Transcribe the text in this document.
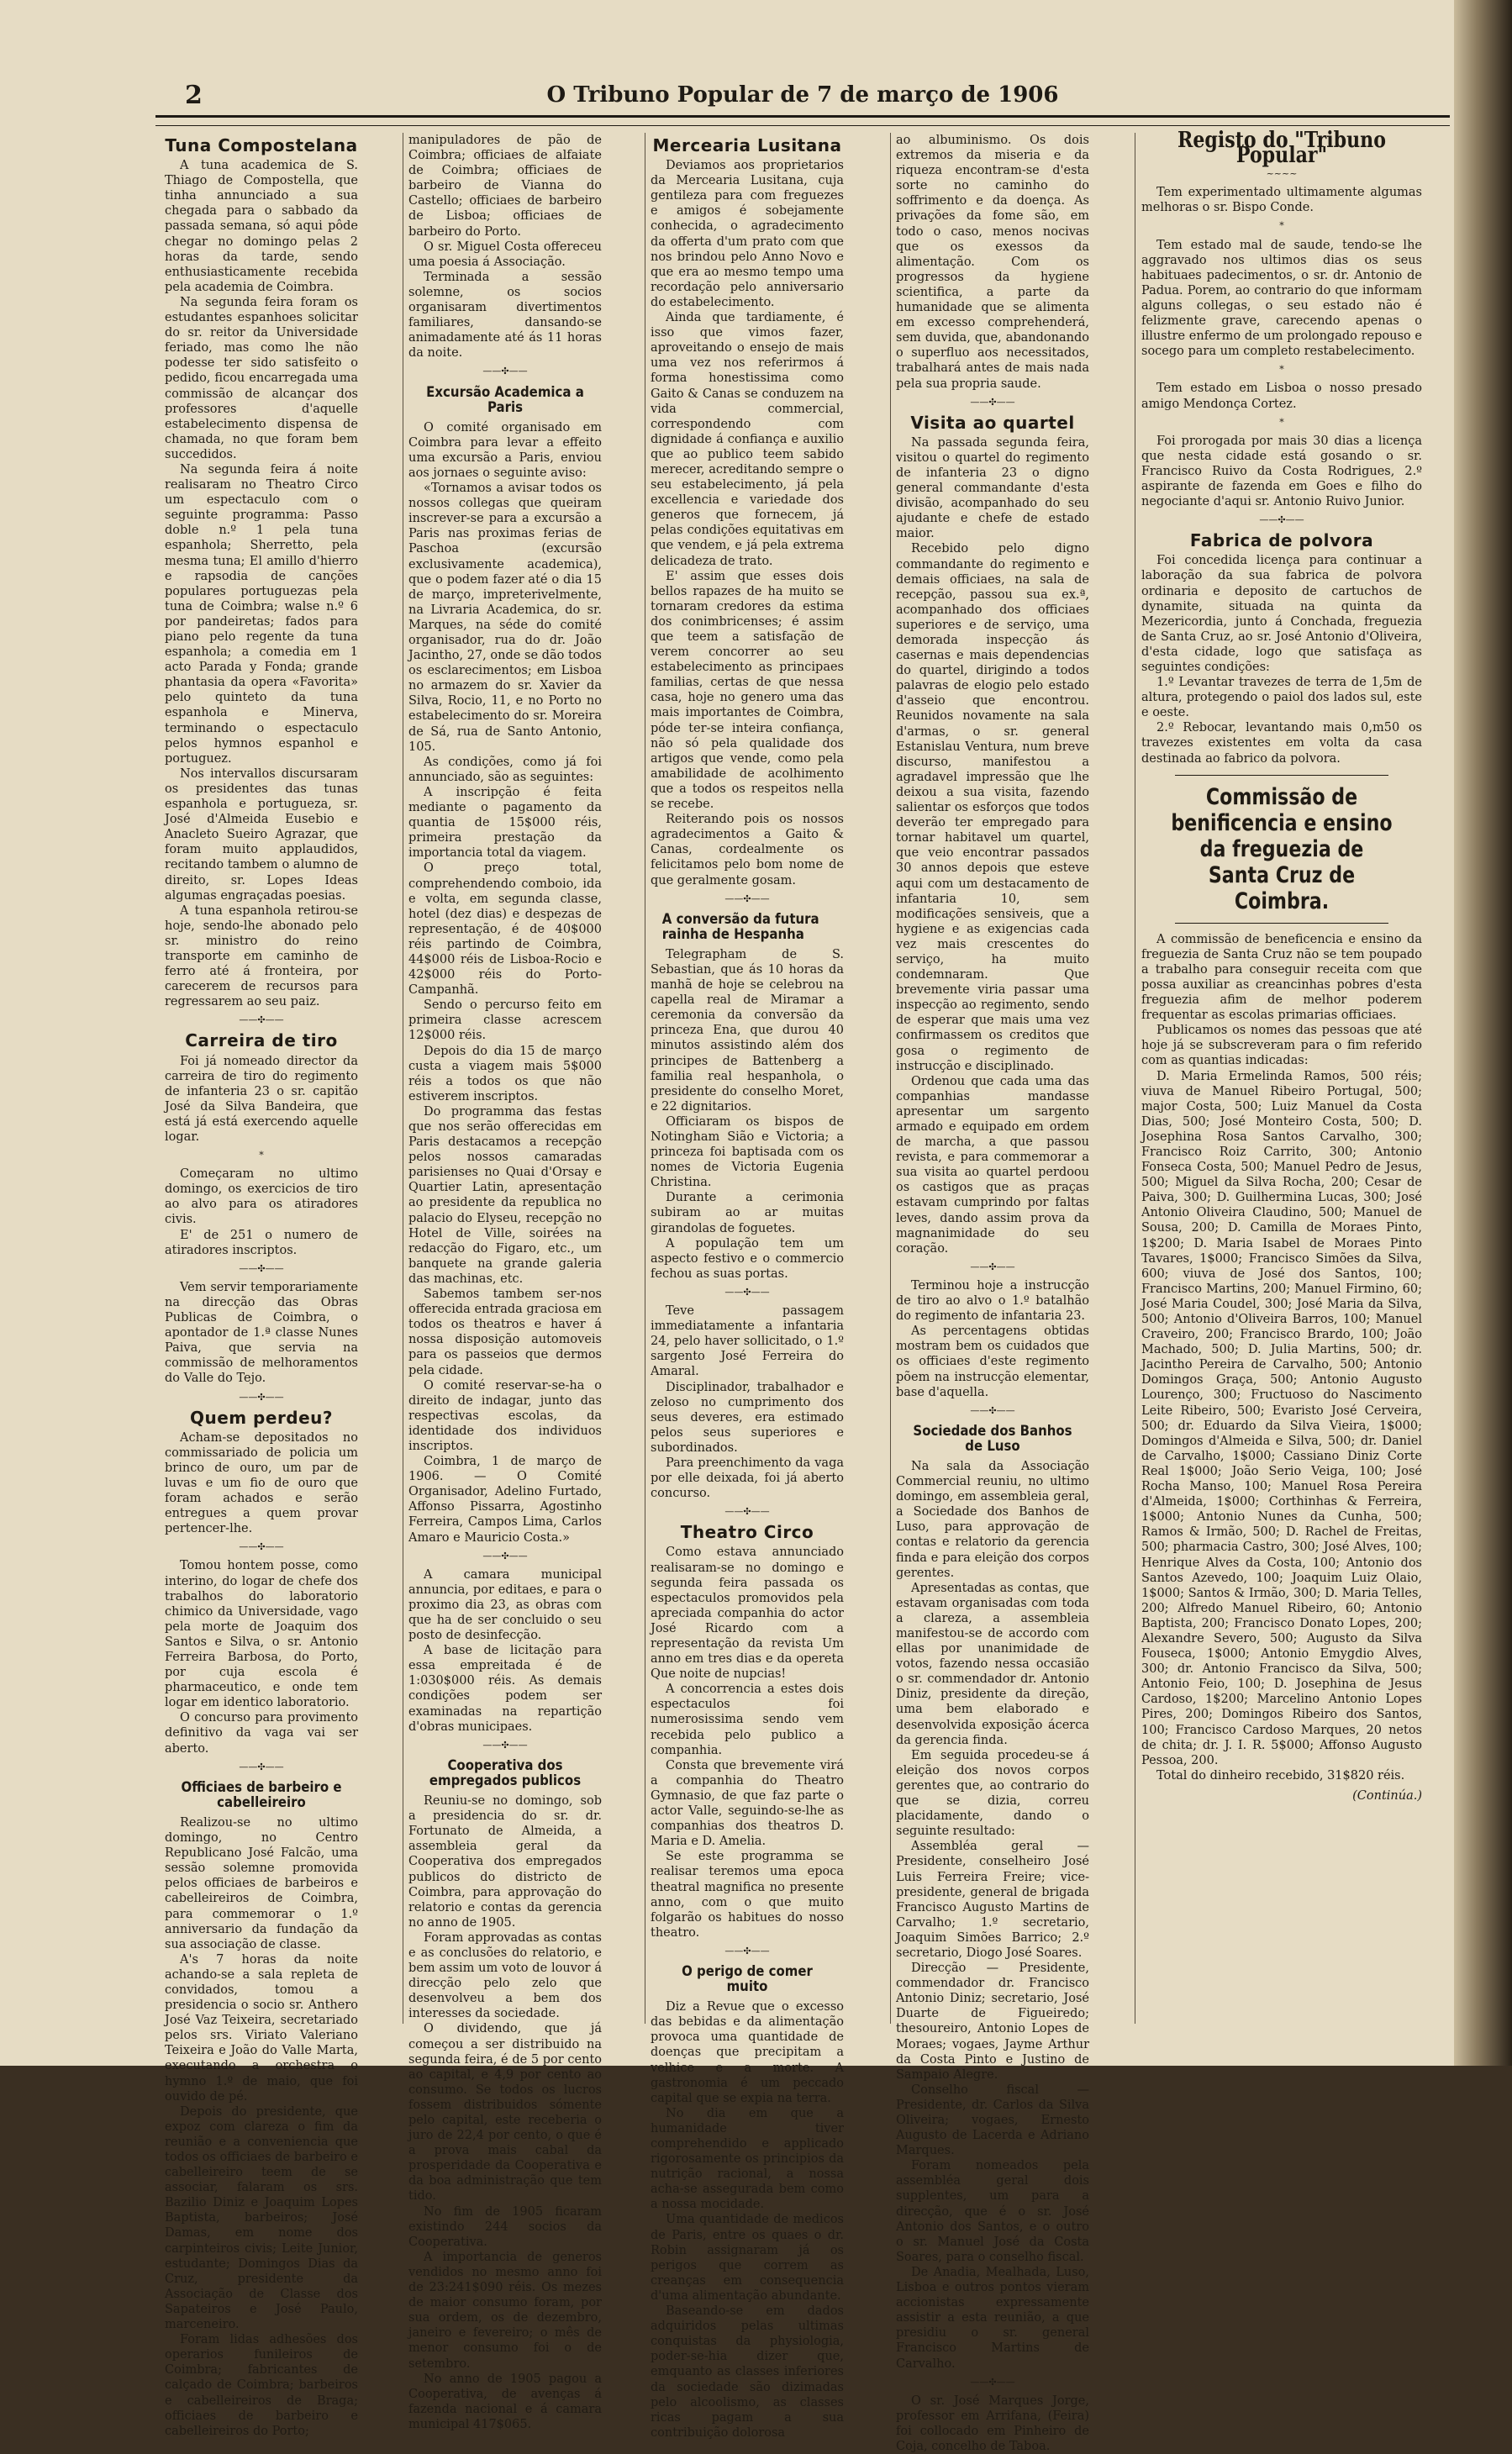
2	O Tribuno Popular de 7 de março de 1906
Tuna Compostelana

A tuna academica de S. Thiago de Compostella, que tinha annunciado a sua chegada para o sabbado da passada semana, só aqui pôde chegar no domingo pelas 2 horas da tarde, sendo enthusiasticamente recebida pela academia de Coimbra.

Na segunda feira foram os estudantes espanhoes solicitar do sr. reitor da Universidade feriado, mas como lhe não podesse ter sido satisfeito o pedido, ficou encarregada uma commissão de alcançar dos professores d'aquelle estabelecimento dispensa de chamada, no que foram bem succedidos.

Na segunda feira á noite realisaram no Theatro Circo um espectaculo com o seguinte programma: Passo doble n.º 1 pela tuna espanhola; Sherretto, pela mesma tuna; El amillo d'hierro e rapsodia de canções populares portuguezas pela tuna de Coimbra; walse n.º 6 por pandeiretas; fados para piano pelo regente da tuna espanhola; a comedia em 1 acto Parada y Fonda; grande phantasia da opera «Favorita» pelo quinteto da tuna espanhola e Minerva, terminando o espectaculo pelos hymnos espanhol e portuguez.

Nos intervallos discursaram os presidentes das tunas espanhola e portugueza, sr. José d'Almeida Eusebio e Anacleto Sueiro Agrazar, que foram muito applaudidos, recitando tambem o alumno de direito, sr. Lopes Ideas algumas engraçadas poesias.

A tuna espanhola retirou-se hoje, sendo-lhe abonado pelo sr. ministro do reino transporte em caminho de ferro até á fronteira, por carecerem de recursos para regressarem ao seu paiz.

——✣——
Carreira de tiro

Foi já nomeado director da carreira de tiro do regimento de infanteria 23 o sr. capitão José da Silva Bandeira, que está já está exercendo aquelle logar.

*

Começaram no ultimo domingo, os exercicios de tiro ao alvo para os atiradores civis.

E' de 251 o numero de atiradores inscriptos.

——✣——

Vem servir temporariamente na direcção das Obras Publicas de Coimbra, o apontador de 1.ª classe Nunes Paiva, que servia na commissão de melhoramentos do Valle do Tejo.

——✣——
Quem perdeu?

Acham-se depositados no commissariado de policia um brinco de ouro, um par de luvas e um fio de ouro que foram achados e serão entregues a quem provar pertencer-lhe.

——✣——

Tomou hontem posse, como interino, do logar de chefe dos trabalhos do laboratorio chimico da Universidade, vago pela morte de Joaquim dos Santos e Silva, o sr. Antonio Ferreira Barbosa, do Porto, por cuja escola é pharmaceutico, e onde tem logar em identico laboratorio.

O concurso para provimento definitivo da vaga vai ser aberto.

——✣——
Officiaes de barbeiro e cabelleireiro

Realizou-se no ultimo domingo, no Centro Republicano José Falcão, uma sessão solemne promovida pelos officiaes de barbeiros e cabelleireiros de Coimbra, para commemorar o 1.º anniversario da fundação da sua associação de classe.

A's 7 horas da noite achando-se a sala repleta de convidados, tomou a presidencia o socio sr. Anthero José Vaz Teixeira, secretariado pelos srs. Viriato Valeriano Teixeira e João do Valle Marta, executando a orchestra o hymno 1.º de maio, que foi ouvido de pé.

Depois do presidente, que expoz com clareza o fim da reunião e a conveniencia que todos os officiaes de barbeiro e cabelleireiro teem de se associar, falaram os srs. Bazilio Diniz e Joaquim Lopes Baptista, barbeiros; José Damas, em nome dos carpinteiros civis; Leite Junior, estudante; Domingos Dias da Cruz, presidente da Associação de Classe dos Sapateiros e José Paulo, marceneiro.

Foram lidas adhesões dos operarios funileiros de Coimbra; fabricantes de calçado de Coimbra; barbeiros e cabelleireiros de Braga; officiaes de barbeiro e cabelleireiros do Porto;

manipuladores de pão de Coimbra; officiaes de alfaiate de Coimbra; officiaes de barbeiro de Vianna do Castello; officiaes de barbeiro de Lisboa; officiaes de barbeiro do Porto.

O sr. Miguel Costa offereceu uma poesia á Associação.

Terminada a sessão solemne, os socios organisaram divertimentos familiares, dansando-se animadamente até ás 11 horas da noite.

——✣——
Excursão Academica a Paris

O comité organisado em Coimbra para levar a effeito uma excursão a Paris, enviou aos jornaes o seguinte aviso:

«Tornamos a avisar todos os nossos collegas que queiram inscrever-se para a excursão a Paris nas proximas ferias de Paschoa (excursão exclusivamente academica), que o podem fazer até o dia 15 de março, impreterivelmente, na Livraria Academica, do sr. Marques, na séde do comité organisador, rua do dr. João Jacintho, 27, onde se dão todos os esclarecimentos; em Lisboa no armazem do sr. Xavier da Silva, Rocio, 11, e no Porto no estabelecimento do sr. Moreira de Sá, rua de Santo Antonio, 105.

As condições, como já foi annunciado, são as seguintes:

A inscripção é feita mediante o pagamento da quantia de 15$000 réis, primeira prestação da importancia total da viagem.

O preço total, comprehendendo comboio, ida e volta, em segunda classe, hotel (dez dias) e despezas de representação, é de 40$000 réis partindo de Coimbra, 44$000 réis de Lisboa-Rocio e 42$000 réis do Porto-Campanhã.

Sendo o percurso feito em primeira classe acrescem 12$000 réis.

Depois do dia 15 de março custa a viagem mais 5$000 réis a todos os que não estiverem inscriptos.

Do programma das festas que nos serão offerecidas em Paris destacamos a recepção pelos nossos camaradas parisienses no Quai d'Orsay e Quartier Latin, apresentação ao presidente da republica no palacio do Elyseu, recepção no Hotel de Ville, soirées na redacção do Figaro, etc., um banquete na grande galeria das machinas, etc.

Sabemos tambem ser-nos offerecida entrada graciosa em todos os theatros e haver á nossa disposição automoveis para os passeios que dermos pela cidade.

O comité reservar-se-ha o direito de indagar, junto das respectivas escolas, da identidade dos individuos inscriptos.

Coimbra, 1 de março de 1906. — O Comité Organisador, Adelino Furtado, Affonso Pissarra, Agostinho Ferreira, Campos Lima, Carlos Amaro e Mauricio Costa.»

——✣——

A camara municipal annuncia, por editaes, e para o proximo dia 23, as obras com que ha de ser concluido o seu posto de desinfecção.

A base de licitação para essa empreitada é de 1:030$000 réis. As demais condições podem ser examinadas na repartição d'obras municipaes.

——✣——
Cooperativa dos empregados publicos

Reuniu-se no domingo, sob a presidencia do sr. dr. Fortunato de Almeida, a assembleia geral da Cooperativa dos empregados publicos do districto de Coimbra, para approvação do relatorio e contas da gerencia no anno de 1905.

Foram approvadas as contas e as conclusões do relatorio, e bem assim um voto de louvor á direcção pelo zelo que desenvolveu a bem dos interesses da sociedade.

O dividendo, que já começou a ser distribuido na segunda feira, é de 5 por cento ao capital, e 4,9 por cento ao consumo. Se todos os lucros fossem distribuidos sómente pelo capital, este receberia o juro de 22,4 por cento, o que é a prova mais cabal da prosperidade da Cooperativa e da boa administração que tem tido.

No fim de 1905 ficaram existindo 244 socios da Cooperativa.

A importancia de generos vendidos no mesmo anno foi de 23:241$090 réis. Os mezes de maior consumo foram, por sua ordem, os de dezembro, janeiro e fevereiro; o mês de menor consumo foi o de setembro.

No anno de 1905 pagou a Cooperativa, de avenças á fazenda nacional e á camara municipal 417$065.

Mercearia Lusitana

Deviamos aos proprietarios da Mercearia Lusitana, cuja gentileza para com freguezes e amigos é sobejamente conhecida, o agradecimento da offerta d'um prato com que nos brindou pelo Anno Novo e que era ao mesmo tempo uma recordação pelo anniversario do estabelecimento.

Ainda que tardiamente, é isso que vimos fazer, aproveitando o ensejo de mais uma vez nos referirmos á forma honestissima como Gaito & Canas se conduzem na vida commercial, correspondendo com dignidade á confiança e auxilio que ao publico teem sabido merecer, acreditando sempre o seu estabelecimento, já pela excellencia e variedade dos generos que fornecem, já pelas condições equitativas em que vendem, e já pela extrema delicadeza de trato.

E' assim que esses dois bellos rapazes de ha muito se tornaram credores da estima dos conimbricenses; é assim que teem a satisfação de verem concorrer ao seu estabelecimento as principaes familias, certas de que nessa casa, hoje no genero uma das mais importantes de Coimbra, póde ter-se inteira confiança, não só pela qualidade dos artigos que vende, como pela amabilidade de acolhimento que a todos os respeitos nella se recebe.

Reiterando pois os nossos agradecimentos a Gaito & Canas, cordealmente os felicitamos pelo bom nome de que geralmente gosam.

——✣——
A conversão da futura rainha de Hespanha

Telegrapham de S. Sebastian, que ás 10 horas da manhã de hoje se celebrou na capella real de Miramar a ceremonia da conversão da princeza Ena, que durou 40 minutos assistindo além dos principes de Battenberg a familia real hespanhola, o presidente do conselho Moret, e 22 dignitarios.

Officiaram os bispos de Notingham Sião e Victoria; a princeza foi baptisada com os nomes de Victoria Eugenia Christina.

Durante a cerimonia subiram ao ar muitas girandolas de foguetes.

A população tem um aspecto festivo e o commercio fechou as suas portas.

——✣——

Teve passagem immediatamente a infantaria 24, pelo haver sollicitado, o 1.º sargento José Ferreira do Amaral.

Disciplinador, trabalhador e zeloso no cumprimento dos seus deveres, era estimado pelos seus superiores e subordinados.

Para preenchimento da vaga por elle deixada, foi já aberto concurso.

——✣——
Theatro Circo

Como estava annunciado realisaram-se no domingo e segunda feira passada os espectaculos promovidos pela apreciada companhia do actor José Ricardo com a representação da revista Um anno em tres dias e da opereta Que noite de nupcias!

A concorrencia a estes dois espectaculos foi numerosissima sendo vem recebida pelo publico a companhia.

Consta que brevemente virá a companhia do Theatro Gymnasio, de que faz parte o actor Valle, seguindo-se-lhe as companhias dos theatros D. Maria e D. Amelia.

Se este programma se realisar teremos uma epoca theatral magnifica no presente anno, com o que muito folgarão os habitues do nosso theatro.

——✣——
O perigo de comer muito

Diz a Revue que o excesso das bebidas e da alimentação provoca uma quantidade de doenças que precipitam a velhice e a morte. A gastronomia é um peccado capital que se expia na terra.

No dia em que a humanidade tiver comprehendido e applicado rigorosamente os principios da nutrição racional, a nossa acha-se assegurada bem como a nossa mocidade.

Uma quantidade de medicos de Paris, entre os quaes o dr. Robin assignaram já os perigos que correm as creanças em consequencia d'uma alimentação abundante.

Baseando-se em dados adquiridos pelas ultimas conquistas da physiologia, poder-se-hia dizer que, emquanto as classes inferiores da sociedade são dizimadas pelo alcoolismo, as classes ricas pagam a sua contribuição dolorosa

ao albuminismo. Os dois extremos da miseria e da riqueza encontram-se d'esta sorte no caminho do soffrimento e da doença. As privações da fome são, em todo o caso, menos nocivas que os exessos da alimentação. Com os progressos da hygiene scientifica, a parte da humanidade que se alimenta em excesso comprehenderá, sem duvida, que, abandonando o superfluo aos necessitados, trabalhará antes de mais nada pela sua propria saude.

——✣——
Visita ao quartel

Na passada segunda feira, visitou o quartel do regimento de infanteria 23 o digno general commandante d'esta divisão, acompanhado do seu ajudante e chefe de estado maior.

Recebido pelo digno commandante do regimento e demais officiaes, na sala de recepção, passou sua ex.ª, acompanhado dos officiaes superiores e de serviço, uma demorada inspecção ás casernas e mais dependencias do quartel, dirigindo a todos palavras de elogio pelo estado d'asseio que encontrou. Reunidos novamente na sala d'armas, o sr. general Estanislau Ventura, num breve discurso, manifestou a agradavel impressão que lhe deixou a sua visita, fazendo salientar os esforços que todos deverão ter empregado para tornar habitavel um quartel, que veio encontrar passados 30 annos depois que esteve aqui com um destacamento de infantaria 10, sem modificações sensiveis, que a hygiene e as exigencias cada vez mais crescentes do serviço, ha muito condemnaram. Que brevemente viria passar uma inspecção ao regimento, sendo de esperar que mais uma vez confirmassem os creditos que gosa o regimento de instrucção e disciplinado.

Ordenou que cada uma das companhias mandasse apresentar um sargento armado e equipado em ordem de marcha, a que passou revista, e para commemorar a sua visita ao quartel perdoou os castigos que as praças estavam cumprindo por faltas leves, dando assim prova da magnanimidade do seu coração.

——✣——

Terminou hoje a instrucção de tiro ao alvo o 1.º batalhão do regimento de infantaria 23.

As percentagens obtidas mostram bem os cuidados que os officiaes d'este regimento põem na instrucção elementar, base d'aquella.

——✣——
Sociedade dos Banhos de Luso

Na sala da Associação Commercial reuniu, no ultimo domingo, em assembleia geral, a Sociedade dos Banhos de Luso, para approvação de contas e relatorio da gerencia finda e para eleição dos corpos gerentes.

Apresentadas as contas, que estavam organisadas com toda a clareza, a assembleia manifestou-se de accordo com ellas por unanimidade de votos, fazendo nessa occasião o sr. commendador dr. Antonio Diniz, presidente da direção, uma bem elaborado e desenvolvida exposição ácerca da gerencia finda.

Em seguida procedeu-se á eleição dos novos corpos gerentes que, ao contrario do que se dizia, correu placidamente, dando o seguinte resultado:

Assembléa geral — Presidente, conselheiro José Luis Ferreira Freire; vice-presidente, general de brigada Francisco Augusto Martins de Carvalho; 1.º secretario, Joaquim Simões Barrico; 2.º secretario, Diogo José Soares.

Direcção — Presidente, commendador dr. Francisco Antonio Diniz; secretario, José Duarte de Figueiredo; thesoureiro, Antonio Lopes de Moraes; vogaes, Jayme Arthur da Costa Pinto e Justino de Sampaio Alegre.

Conselho fiscal — Presidente, dr. Carlos da Silva Oliveira; vogaes, Ernesto Augusto de Lacerda e Adriano Marques.

Foram nomeados pela assembléa geral dois supplentes, um para a direcção, que é o sr. José Antonio dos Santos, e o outro o sr. Manuel José da Costa Soares, para o conselho fiscal.

De Anadia, Mealhada, Luso, Lisboa e outros pontos vieram accionistas expressamente assistir a esta reunião, a que presidiu o sr. general Francisco Martins de Carvalho.

——✣——

O sr. José Marques Jorge, professor em Arrifana, (Feira) foi collocado em Pinheiro de Coja, concelho de Taboa.

Registo do "Tribuno Popular"
~~~~

Tem experimentado ultimamente algumas melhoras o sr. Bispo Conde.

*

Tem estado mal de saude, tendo-se lhe aggravado nos ultimos dias os seus habituaes padecimentos, o sr. dr. Antonio de Padua. Porem, ao contrario do que informam alguns collegas, o seu estado não é felizmente grave, carecendo apenas o illustre enfermo de um prolongado repouso e socego para um completo restabelecimento.

*

Tem estado em Lisboa o nosso presado amigo Mendonça Cortez.

*

Foi prorogada por mais 30 dias a licença que nesta cidade está gosando o sr. Francisco Ruivo da Costa Rodrigues, 2.º aspirante de fazenda em Goes e filho do negociante d'aqui sr. Antonio Ruivo Junior.

——✣——
Fabrica de polvora

Foi concedida licença para continuar a laboração da sua fabrica de polvora ordinaria e deposito de cartuchos de dynamite, situada na quinta da Mezericordia, junto á Conchada, freguezia de Santa Cruz, ao sr. José Antonio d'Oliveira, d'esta cidade, logo que satisfaça as seguintes condições:

1.º Levantar travezes de terra de 1,5m de altura, protegendo o paiol dos lados sul, este e oeste.

2.º Rebocar, levantando mais 0,m50 os travezes existentes em volta da casa destinada ao fabrico da polvora.

Commissão de benificencia e ensino da freguezia de Santa Cruz de Coimbra.

A commissão de beneficencia e ensino da freguezia de Santa Cruz não se tem poupado a trabalho para conseguir receita com que possa auxiliar as creancinhas pobres d'esta freguezia afim de melhor poderem frequentar as escolas primarias officiaes.

Publicamos os nomes das pessoas que até hoje já se subscreveram para o fim referido com as quantias indicadas:

D. Maria Ermelinda Ramos, 500 réis; viuva de Manuel Ribeiro Portugal, 500; major Costa, 500; Luiz Manuel da Costa Dias, 500; José Monteiro Costa, 500; D. Josephina Rosa Santos Carvalho, 300; Francisco Roiz Carrito, 300; Antonio Fonseca Costa, 500; Manuel Pedro de Jesus, 500; Miguel da Silva Rocha, 200; Cesar de Paiva, 300; D. Guilhermina Lucas, 300; José Antonio Oliveira Claudino, 500; Manuel de Sousa, 200; D. Camilla de Moraes Pinto, 1$200; D. Maria Isabel de Moraes Pinto Tavares, 1$000; Francisco Simões da Silva, 600; viuva de José dos Santos, 100; Francisco Martins, 200; Manuel Firmino, 60; José Maria Coudel, 300; José Maria da Silva, 500; Antonio d'Oliveira Barros, 100; Manuel Craveiro, 200; Francisco Brardo, 100; João Machado, 500; D. Julia Martins, 500; dr. Jacintho Pereira de Carvalho, 500; Antonio Domingos Graça, 500; Antonio Augusto Lourenço, 300; Fructuoso do Nascimento Leite Ribeiro, 500; Evaristo José Cerveira, 500; dr. Eduardo da Silva Vieira, 1$000; Domingos d'Almeida e Silva, 500; dr. Daniel de Carvalho, 1$000; Cassiano Diniz Corte Real 1$000; João Serio Veiga, 100; José Rocha Manso, 100; Manuel Rosa Pereira d'Almeida, 1$000; Corthinhas & Ferreira, 1$000; Antonio Nunes da Cunha, 500; Ramos & Irmão, 500; D. Rachel de Freitas, 500; pharmacia Castro, 300; José Alves, 100; Henrique Alves da Costa, 100; Antonio dos Santos Azevedo, 100; Joaquim Luiz Olaio, 1$000; Santos & Irmão, 300; D. Maria Telles, 200; Alfredo Manuel Ribeiro, 60; Antonio Baptista, 200; Francisco Donato Lopes, 200; Alexandre Severo, 500; Augusto da Silva Fouseca, 1$000; Antonio Emygdio Alves, 300; dr. Antonio Francisco da Silva, 500; Antonio Feio, 100; D. Josephina de Jesus Cardoso, 1$200; Marcelino Antonio Lopes Pires, 200; Domingos Ribeiro dos Santos, 100; Francisco Cardoso Marques, 20 netos de chita; dr. J. I. R. 5$000; Affonso Augusto Pessoa, 200.

Total do dinheiro recebido, 31$820 réis.

(Continúa.)
